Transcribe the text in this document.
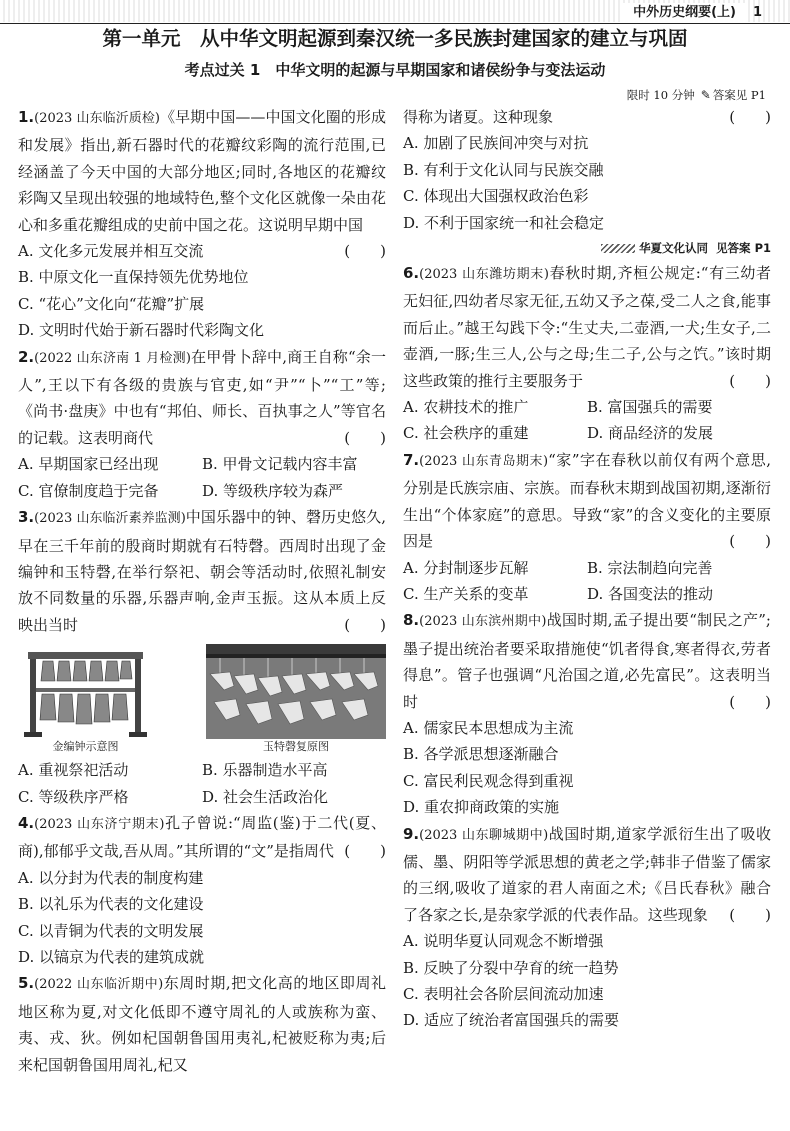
中外历史纲要(上)	1
第一单元　从中华文明起源到秦汉统一多民族封建国家的建立与巩固
考点过关 1　中华文明的起源与早期国家和诸侯纷争与变法运动
限时 10 分钟 ✎ 答案见 P1

1.(2023 山东临沂质检)《早期中国——中国文化圈的形成和发展》指出,新石器时代的花瓣纹彩陶的流行范围,已经涵盖了今天中国的大部分地区;同时,各地区的花瓣纹彩陶又呈现出较强的地域特色,整个文化区就像一朵由花心和多重花瓣组成的史前中国之花。这说明早期中国
(　　)

A. 文化多元发展并相互交流

B. 中原文化一直保持领先优势地位

C. “花心”文化向“花瓣”扩展

D. 文明时代始于新石器时代彩陶文化

2.(2022 山东济南 1 月检测)在甲骨卜辞中,商王自称“余一人”,王以下有各级的贵族与官吏,如“尹”“卜”“工”等;《尚书·盘庚》中也有“邦伯、师长、百执事之人”等官名的记载。这表明商代	(　　)

A. 早期国家已经出现	B. 甲骨文记载内容丰富
C. 官僚制度趋于完备	D. 等级秩序较为森严

3.(2023 山东临沂素养监测)中国乐器中的钟、磬历史悠久,早在三千年前的殷商时期就有石特磬。西周时出现了金编钟和玉特磬,在举行祭祀、朝会等活动时,依照礼制安放不同数量的乐器,乐器声响,金声玉振。这从本质上反映出当时	(　　)

金编钟示意图	玉特磬复原图
A. 重视祭祀活动	B. 乐器制造水平高
C. 等级秩序严格	D. 社会生活政治化

4.(2023 山东济宁期末)孔子曾说:“周监(鉴)于二代(夏、商),郁郁乎文哉,吾从周。”其所谓的“文”是指周代 (　　)

A. 以分封为代表的制度构建

B. 以礼乐为代表的文化建设

C. 以青铜为代表的文明发展

D. 以镐京为代表的建筑成就

5.(2022 山东临沂期中)东周时期,把文化高的地区即周礼地区称为夏,对文化低即不遵守周礼的人或族称为蛮、夷、戎、狄。例如杞国朝鲁国用夷礼,杞被贬称为夷;后来杞国朝鲁国用周礼,杞又

得称为诸夏。这种现象	(　　)

A. 加剧了民族间冲突与对抗

B. 有利于文化认同与民族交融

C. 体现出大国强权政治色彩

D. 不利于国家统一和社会稳定

华夏文化认同 见答案 P1

6.(2023 山东潍坊期末)春秋时期,齐桓公规定:“有三幼者无妇征,四幼者尽家无征,五幼又予之葆,受二人之食,能事而后止。”越王勾践下令:“生丈夫,二壶酒,一犬;生女子,二壶酒,一豚;生三人,公与之母;生二子,公与之饩。”该时期这些政策的推行主要服务于	(　　)

A. 农耕技术的推广	B. 富国强兵的需要
C. 社会秩序的重建	D. 商品经济的发展

7.(2023 山东青岛期末)“家”字在春秋以前仅有两个意思,分别是氏族宗庙、宗族。而春秋末期到战国初期,逐渐衍生出“个体家庭”的意思。导致“家”的含义变化的主要原因是	(　　)

A. 分封制逐步瓦解	B. 宗法制趋向完善
C. 生产关系的变革	D. 各国变法的推动

8.(2023 山东滨州期中)战国时期,孟子提出要“制民之产”;墨子提出统治者要采取措施使“饥者得食,寒者得衣,劳者得息”。管子也强调“凡治国之道,必先富民”。这表明当时	(　　)

A. 儒家民本思想成为主流

B. 各学派思想逐渐融合

C. 富民利民观念得到重视

D. 重农抑商政策的实施

9.(2023 山东聊城期中)战国时期,道家学派衍生出了吸收儒、墨、阴阳等学派思想的黄老之学;韩非子借鉴了儒家的三纲,吸收了道家的君人南面之术;《吕氏春秋》融合了各家之长,是杂家学派的代表作品。这些现象 (　　)

A. 说明华夏认同观念不断增强

B. 反映了分裂中孕育的统一趋势

C. 表明社会各阶层间流动加速

D. 适应了统治者富国强兵的需要
